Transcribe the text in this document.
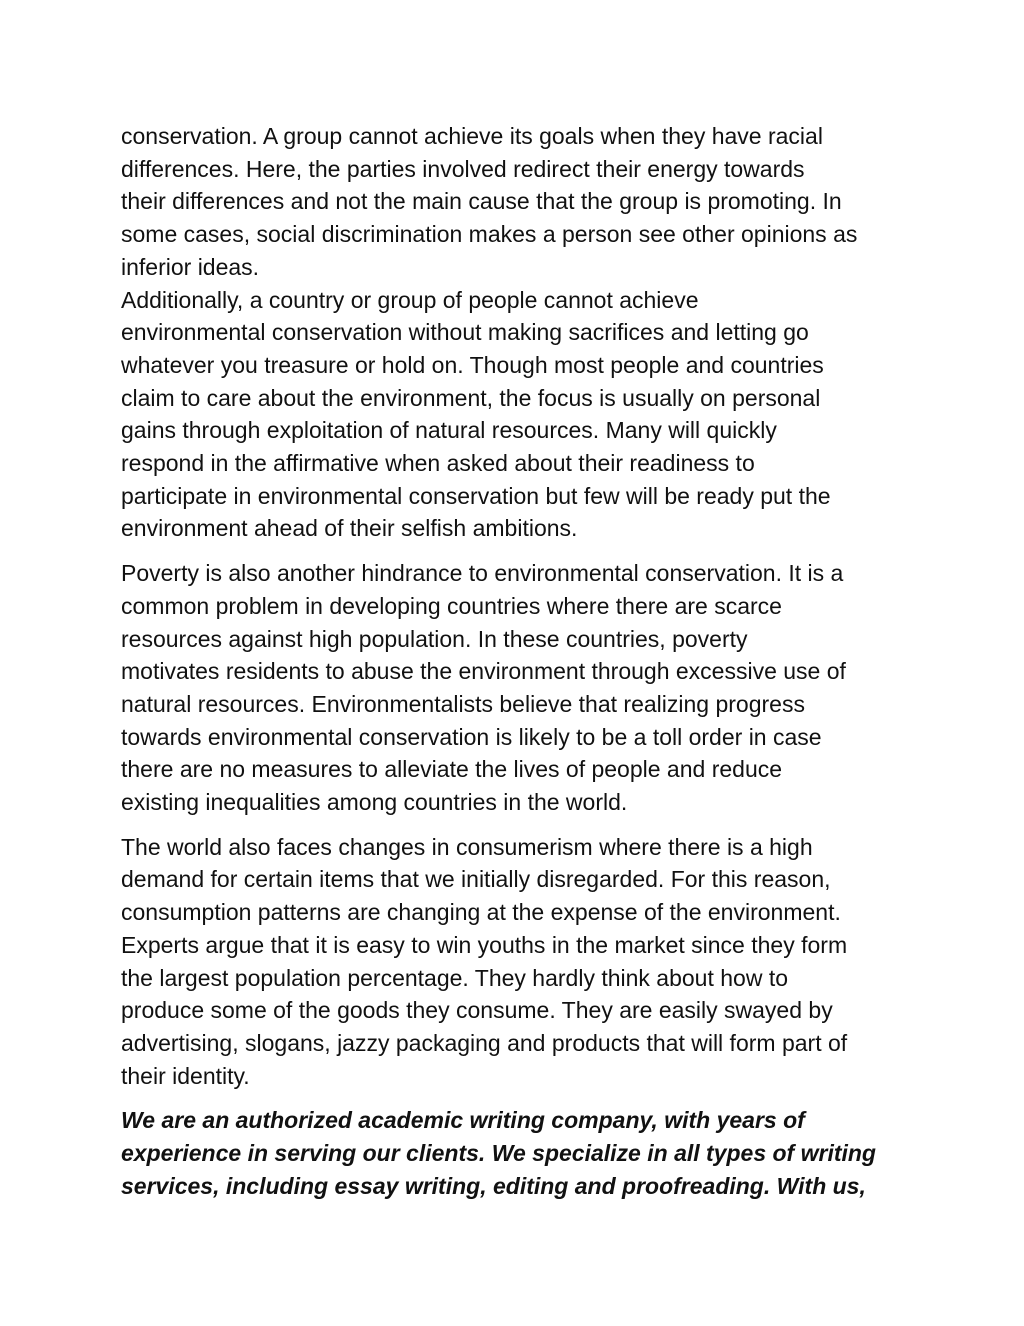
conservation. A group cannot achieve its goals when they have racial
differences. Here, the parties involved redirect their energy towards
their differences and not the main cause that the group is promoting. In
some cases, social discrimination makes a person see other opinions as
inferior ideas.

Additionally, a country or group of people cannot achieve
environmental conservation without making sacrifices and letting go
whatever you treasure or hold on. Though most people and countries
claim to care about the environment, the focus is usually on personal
gains through exploitation of natural resources. Many will quickly
respond in the affirmative when asked about their readiness to
participate in environmental conservation but few will be ready put the
environment ahead of their selfish ambitions.

Poverty is also another hindrance to environmental conservation. It is a
common problem in developing countries where there are scarce
resources against high population. In these countries, poverty
motivates residents to abuse the environment through excessive use of
natural resources. Environmentalists believe that realizing progress
towards environmental conservation is likely to be a toll order in case
there are no measures to alleviate the lives of people and reduce
existing inequalities among countries in the world.

The world also faces changes in consumerism where there is a high
demand for certain items that we initially disregarded. For this reason,
consumption patterns are changing at the expense of the environment.
Experts argue that it is easy to win youths in the market since they form
the largest population percentage. They hardly think about how to
produce some of the goods they consume. They are easily swayed by
advertising, slogans, jazzy packaging and products that will form part of
their identity.

We are an authorized academic writing company, with years of
experience in serving our clients. We specialize in all types of writing
services, including essay writing, editing and proofreading. With us,
